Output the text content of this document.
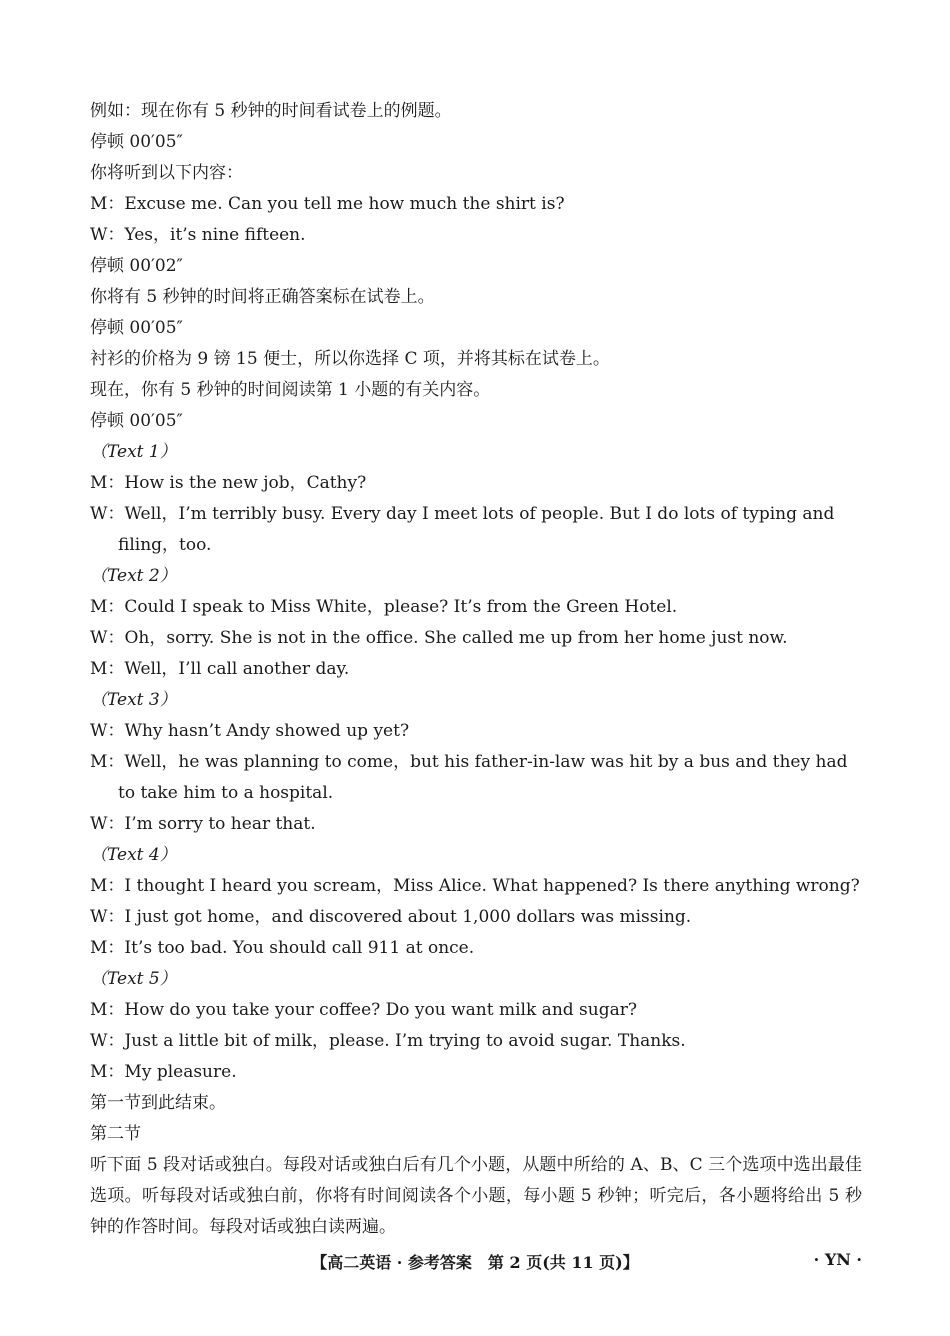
例如：现在你有 5 秒钟的时间看试卷上的例题。

停顿 00′05″

你将听到以下内容：

M：Excuse me. Can you tell me how much the shirt is?

W：Yes，it’s nine fifteen.

停顿 00′02″

你将有 5 秒钟的时间将正确答案标在试卷上。

停顿 00′05″

衬衫的价格为 9 镑 15 便士，所以你选择 C 项，并将其标在试卷上。

现在，你有 5 秒钟的时间阅读第 1 小题的有关内容。

停顿 00′05″

（Text 1）

M：How is the new job，Cathy?

W：Well，I’m terribly busy. Every day I meet lots of people. But I do lots of typing and filing，too.

（Text 2）

M：Could I speak to Miss White，please? It’s from the Green Hotel.

W：Oh，sorry. She is not in the office. She called me up from her home just now.

M：Well，I’ll call another day.

（Text 3）

W：Why hasn’t Andy showed up yet?

M：Well，he was planning to come，but his father-in-law was hit by a bus and they had to take him to a hospital.

W：I’m sorry to hear that.

（Text 4）

M：I thought I heard you scream，Miss Alice. What happened? Is there anything wrong?

W：I just got home，and discovered about 1,000 dollars was missing.

M：It’s too bad. You should call 911 at once.

（Text 5）

M：How do you take your coffee? Do you want milk and sugar?

W：Just a little bit of milk，please. I’m trying to avoid sugar. Thanks.

M：My pleasure.

第一节到此结束。

第二节

听下面 5 段对话或独白。每段对话或独白后有几个小题，从题中所给的 A、B、C 三个选项中选出最佳选项。听每段对话或独白前，你将有时间阅读各个小题，每小题 5 秒钟；听完后，各小题将给出 5 秒钟的作答时间。每段对话或独白读两遍。

【高二英语 · 参考答案　第 2 页(共 11 页)】	· YN ·
